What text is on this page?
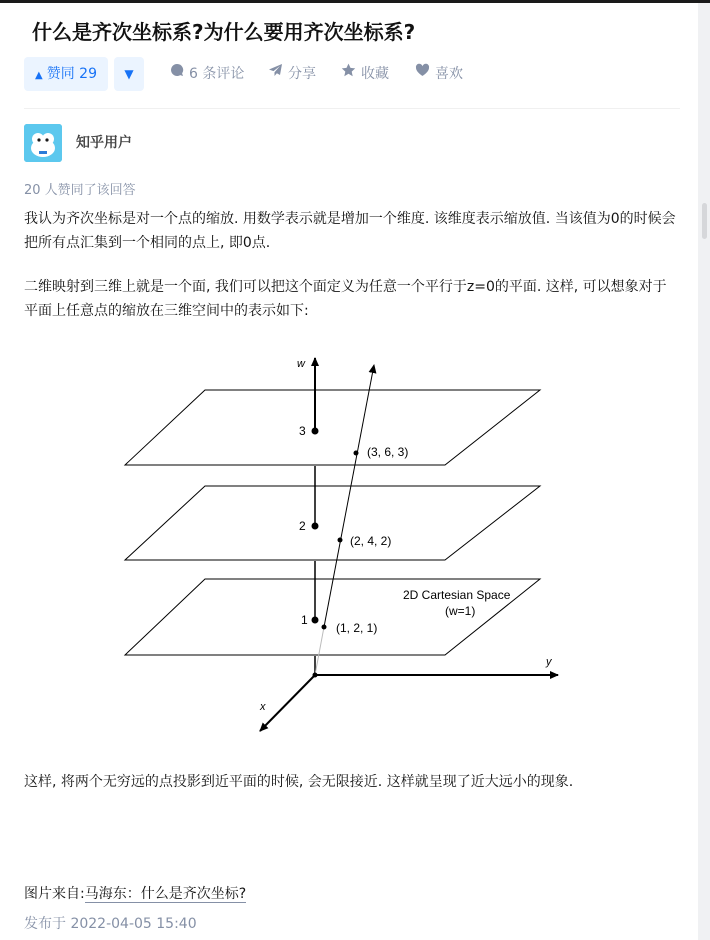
什么是齐次坐标系?为什么要用齐次坐标系?
▲ 赞同 29	▼	6 条评论	分享	收藏	喜欢
知乎用户
20 人赞同了该回答
我认为齐次坐标是对一个点的缩放. 用数学表示就是增加一个维度. 该维度表示缩放值. 当该值为0的时候会把所有点汇集到一个相同的点上, 即0点.
二维映射到三维上就是一个面, 我们可以把这个面定义为任意一个平行于z=0的平面. 这样, 可以想象对于平面上任意点的缩放在三维空间中的表示如下:
w
y
x
3
2
1
(3, 6, 3)
(2, 4, 2)
(1, 2, 1)
2D Cartesian Space
(w=1)
这样, 将两个无穷远的点投影到近平面的时候, 会无限接近. 这样就呈现了近大远小的现象.
图片来自:马海东：什么是齐次坐标?
发布于 2022-04-05 15:40
